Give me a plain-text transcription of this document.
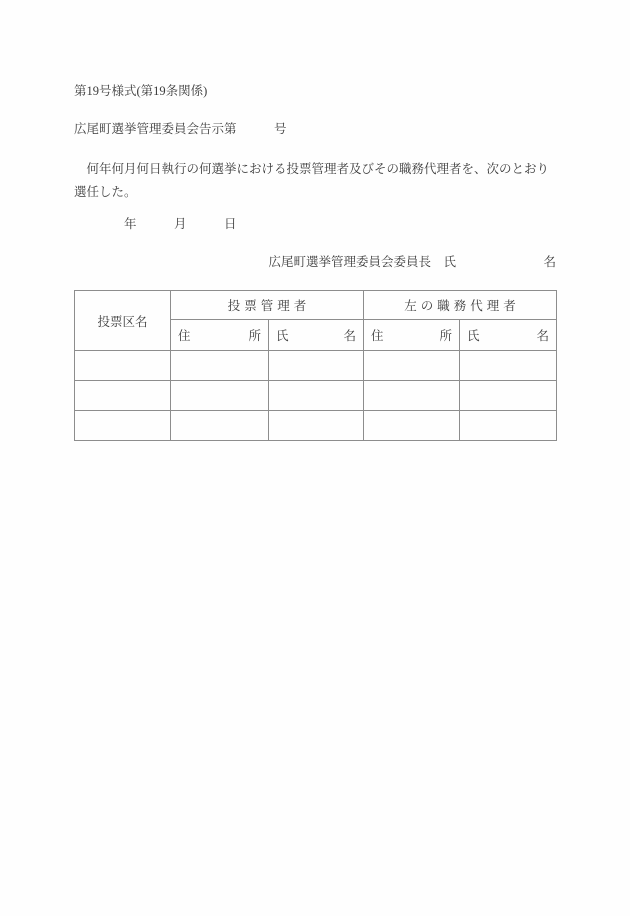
第19号様式(第19条関係)
広尾町選挙管理委員会告示第　　　号
　何年何月何日執行の何選挙における投票管理者及びその職務代理者を、次のとおり選任した。
　　　　年　　　月　　　日
広尾町選挙管理委員会委員長　氏　　　　　　　名
投票区名	投票管理者		左の職務代理者	

	住 所	氏 名	住 所	氏 名
